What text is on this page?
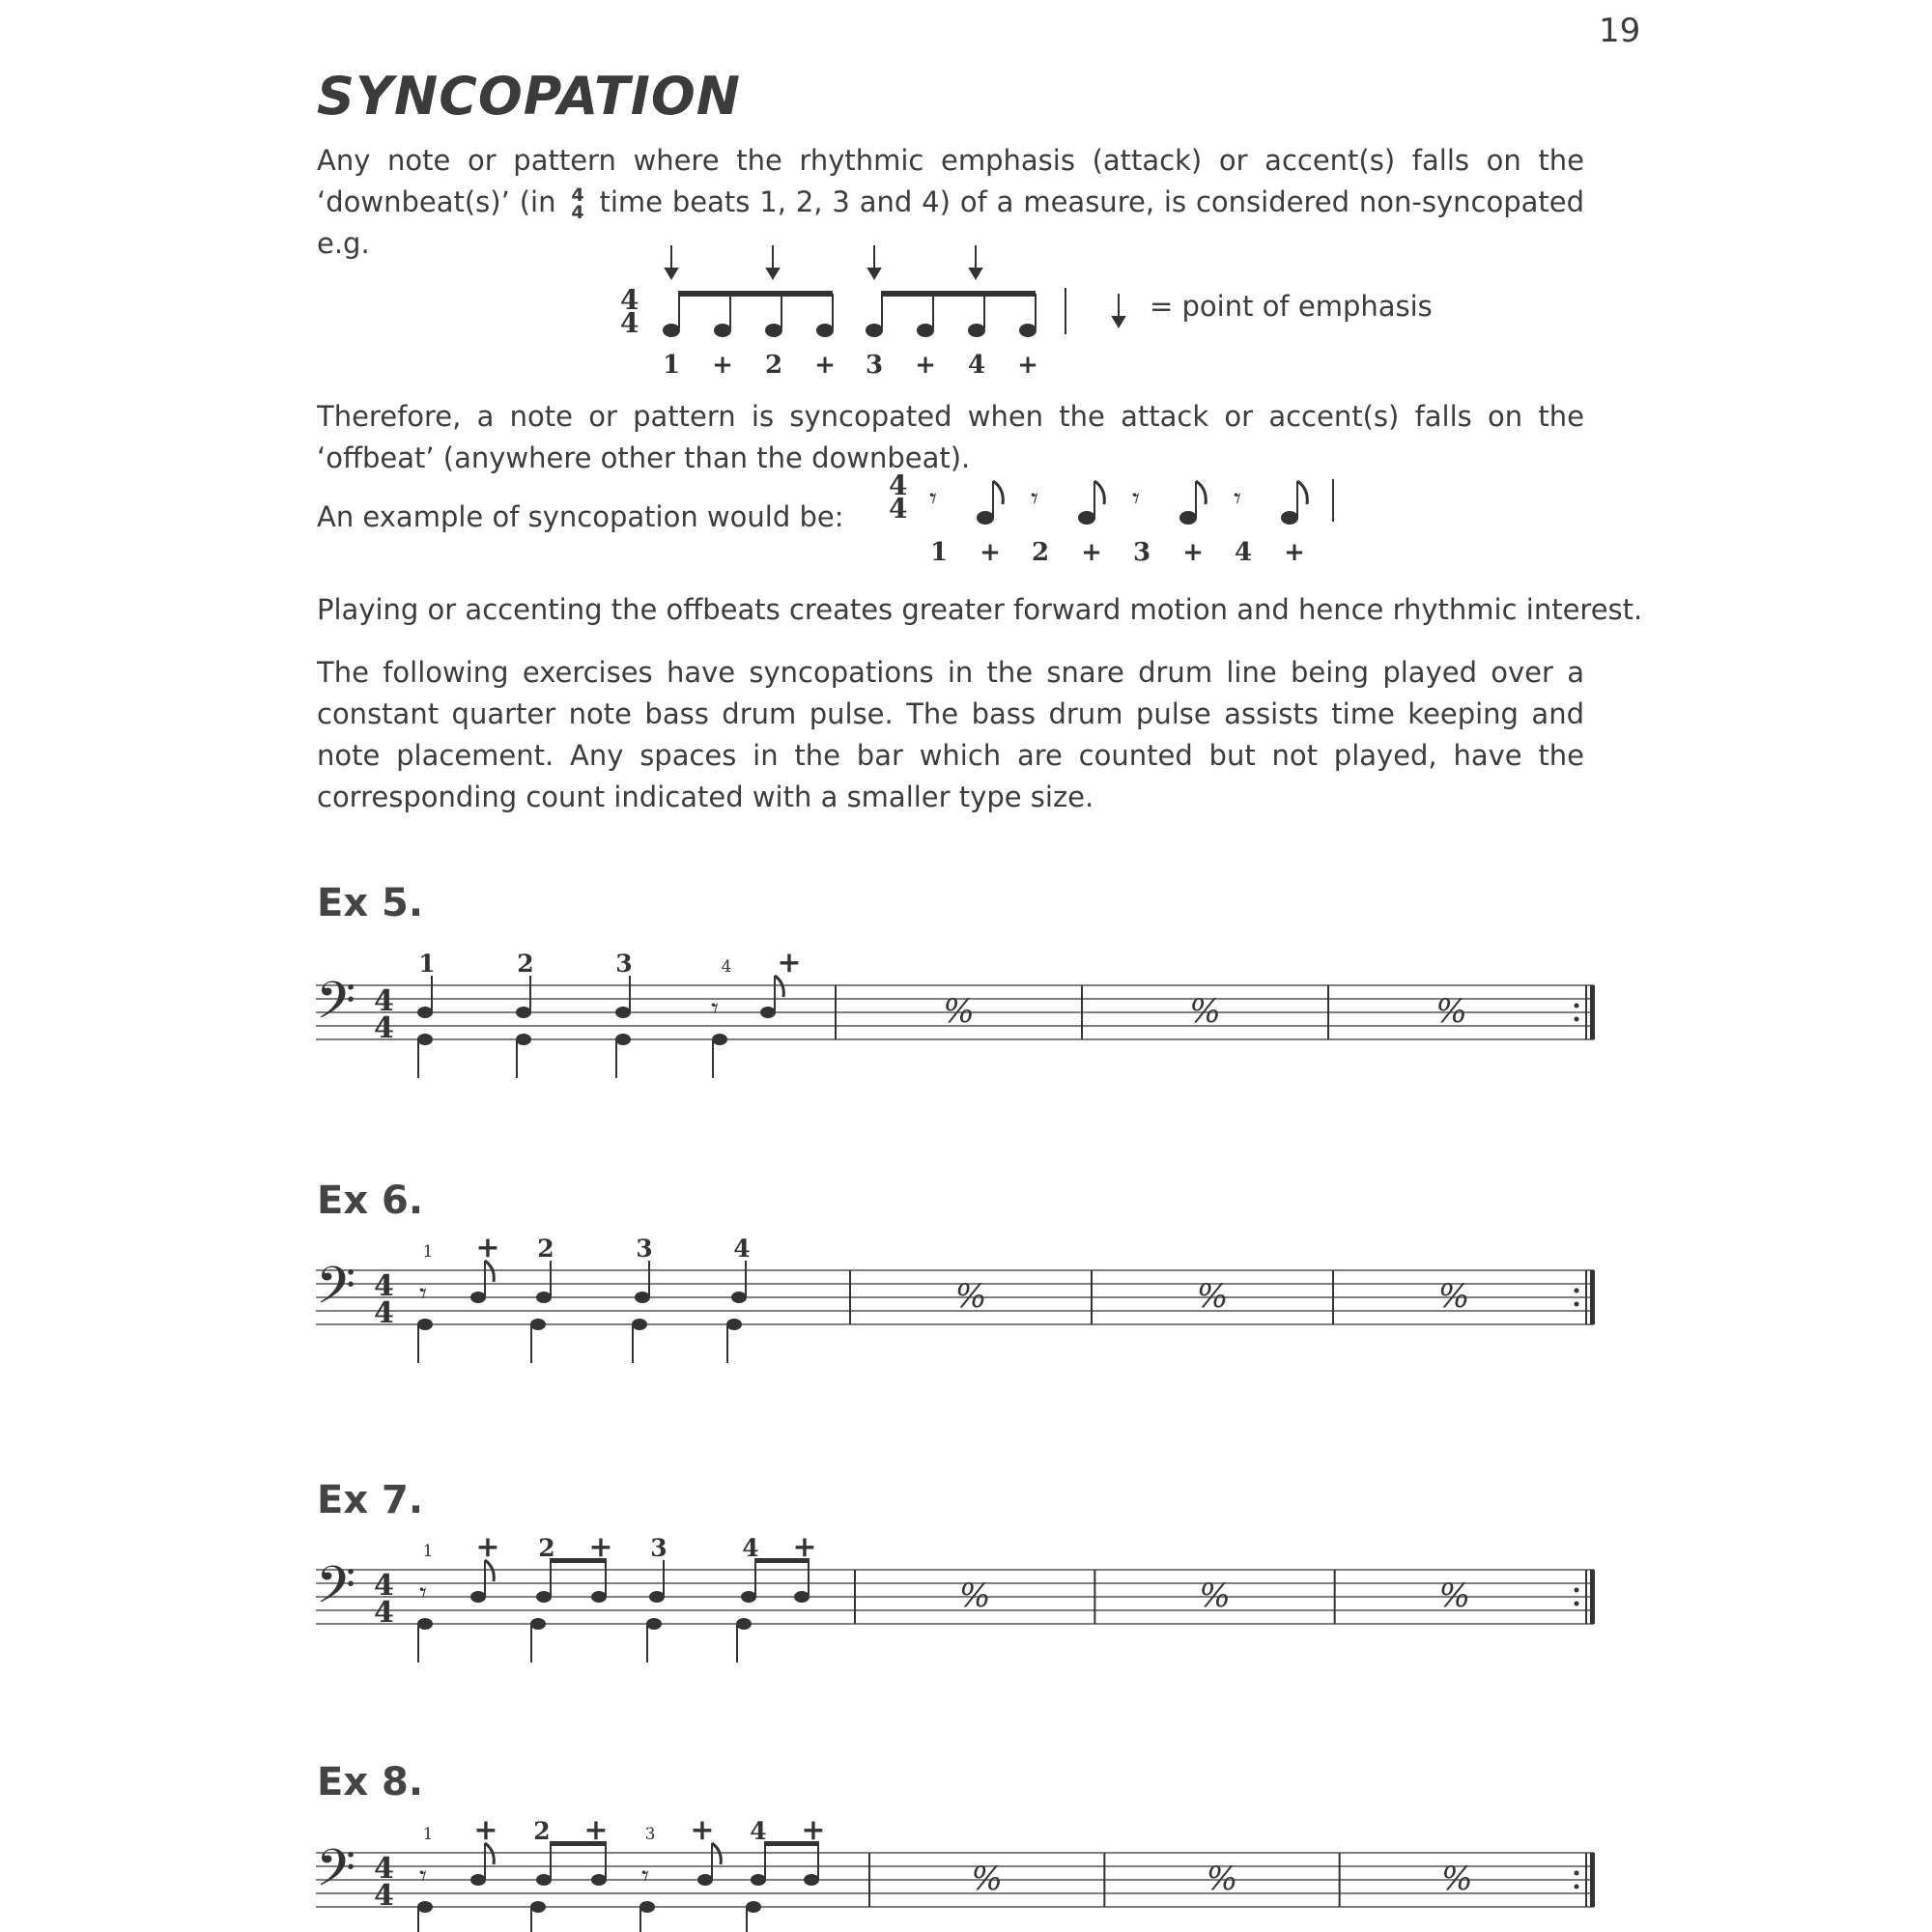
19
SYNCOPATION
Any note or pattern where the rhythmic emphasis (attack) or accent(s) falls on the ‘downbeat(s)’ (in 4
4 time beats 1, 2, 3 and 4) of a measure, is considered non-syncopated e.g.
4
4
1 + 2 + 3 + 4 +
= point of emphasis
Therefore, a note or pattern is syncopated when the attack or accent(s) falls on the ‘offbeat’ (anywhere other than the downbeat).
An example of syncopation would be:
4
4 𝄾	𝄾	𝄾	𝄾
1 + 2 + 3 + 4 +
Playing or accenting the offbeats creates greater forward motion and hence rhythmic interest.
The following exercises have syncopations in the snare drum line being played over a constant quarter note bass drum pulse. The bass drum pulse assists time keeping and note placement. Any spaces in the bar which are counted but not played, have the corresponding count indicated with a smaller type size.
Ex 5.
Ex 6.
Ex 7.
Ex 8.
𝄢 4
4	%	%	%
𝄾
1	2	3	4 +
𝄢 4
4	%	%	%
𝄾
1 + 2	3	4
𝄢 4
4	%	%	%
𝄾
1 + 2 + 3	4 +
𝄢 4
4	%	%	%
𝄾	𝄾
1 + 2 + 3 + 4 +
